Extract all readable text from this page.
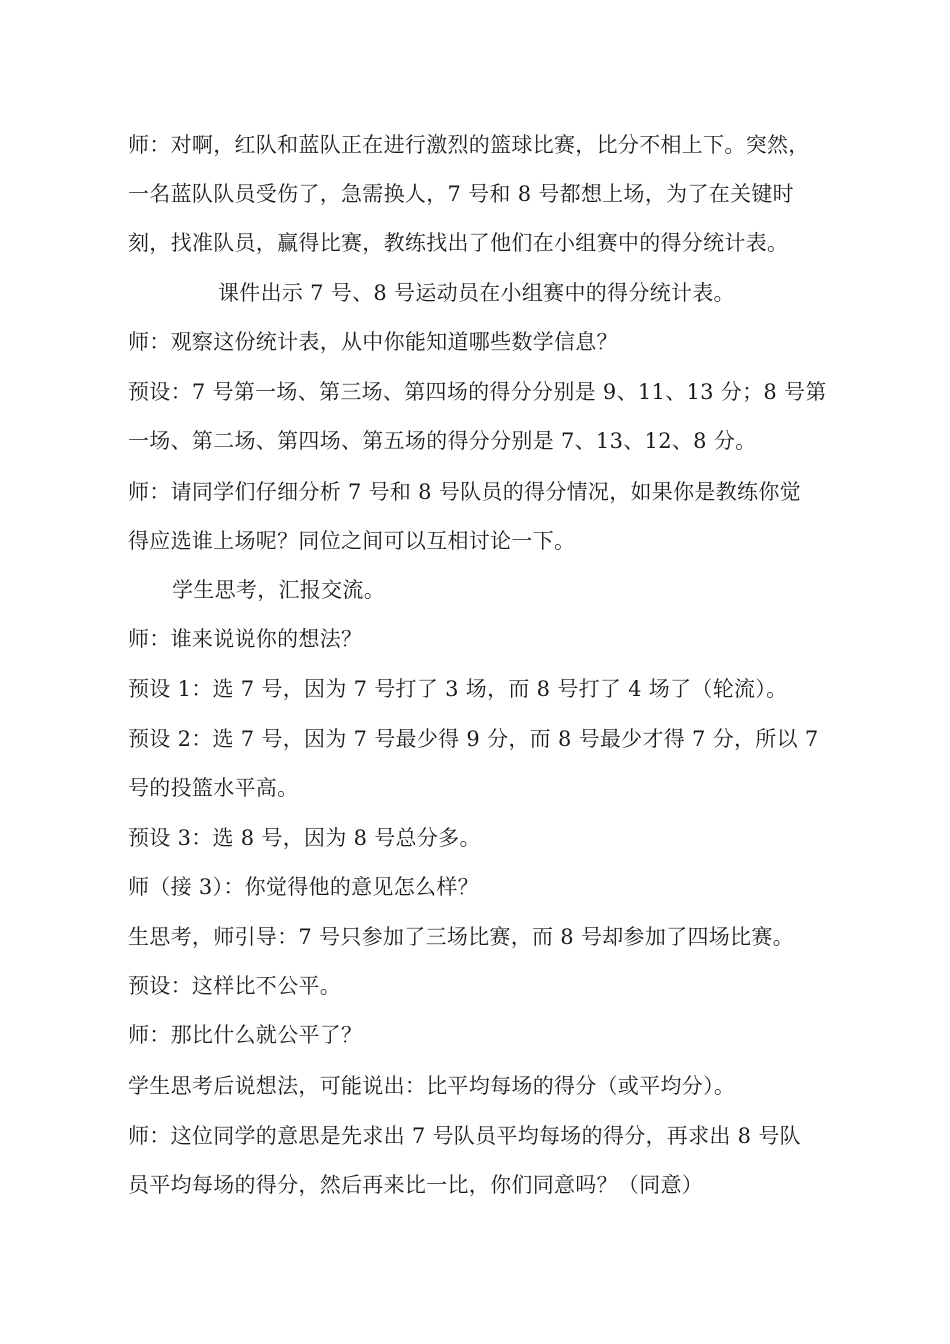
师：对啊，红队和蓝队正在进行激烈的篮球比赛，比分不相上下。突然，
一名蓝队队员受伤了，急需换人，7 号和 8 号都想上场，为了在关键时
刻，找准队员，赢得比赛，教练找出了他们在小组赛中的得分统计表。
课件出示 7 号、8 号运动员在小组赛中的得分统计表。
师：观察这份统计表，从中你能知道哪些数学信息？
预设：7 号第一场、第三场、第四场的得分分别是 9、11、13 分；8 号第
一场、第二场、第四场、第五场的得分分别是 7、13、12、8 分。
师：请同学们仔细分析 7 号和 8 号队员的得分情况，如果你是教练你觉
得应选谁上场呢？同位之间可以互相讨论一下。
学生思考，汇报交流。
师：谁来说说你的想法？
预设 1：选 7 号，因为 7 号打了 3 场，而 8 号打了 4 场了（轮流）。
预设 2：选 7 号，因为 7 号最少得 9 分，而 8 号最少才得 7 分，所以 7
号的投篮水平高。
预设 3：选 8 号，因为 8 号总分多。
师（接 3）：你觉得他的意见怎么样？
生思考，师引导：7 号只参加了三场比赛，而 8 号却参加了四场比赛。
预设：这样比不公平。
师：那比什么就公平了？
学生思考后说想法，可能说出：比平均每场的得分（或平均分）。
师：这位同学的意思是先求出 7 号队员平均每场的得分，再求出 8 号队
员平均每场的得分，然后再来比一比，你们同意吗？（同意）
